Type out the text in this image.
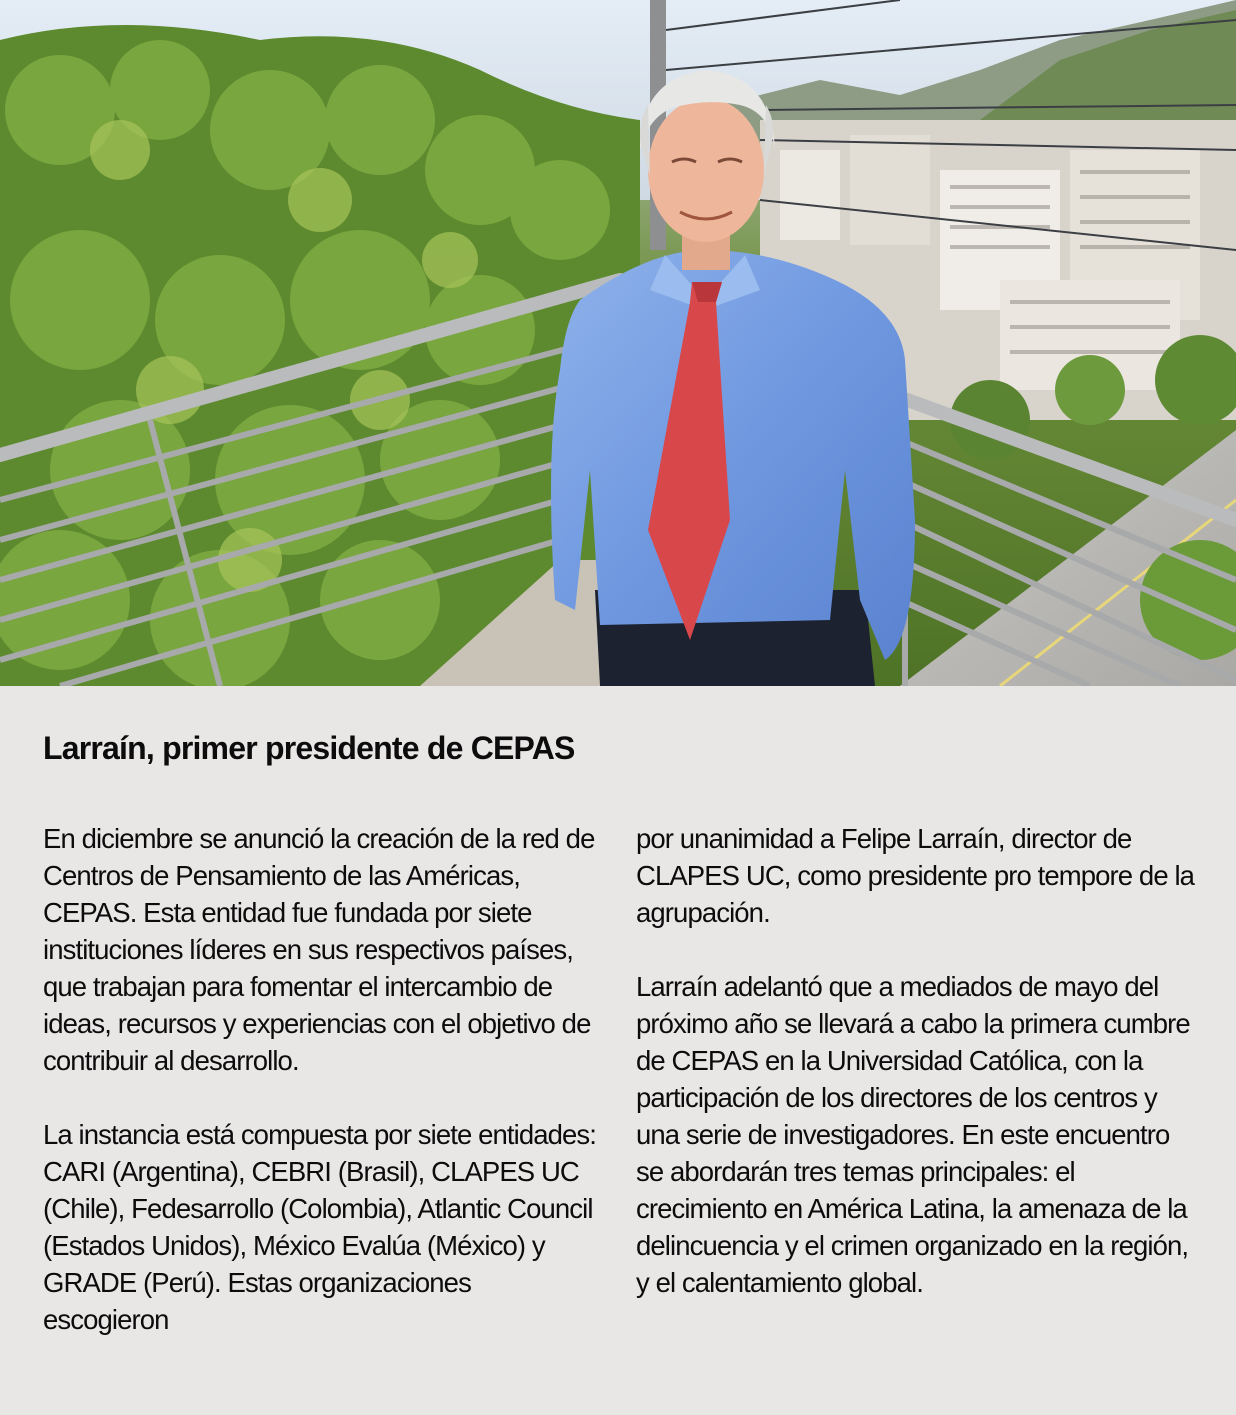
Larraín, primer presidente de CEPAS

En diciembre se anunció la creación de la red de Centros de Pensamiento de las Américas, CEPAS. Esta entidad fue fundada por siete instituciones líderes en sus respectivos países, que trabajan para fomentar el intercambio de ideas, recursos y experiencias con el objetivo de contribuir al desarrollo.

La instancia está compuesta por siete entidades: CARI (Argentina), CEBRI (Brasil), CLAPES UC (Chile), Fedesarrollo (Colombia), Atlantic Council (Estados Unidos), México Evalúa (México) y GRADE (Perú). Estas organizaciones escogieron

por unanimidad a Felipe Larraín, director de CLAPES UC, como presidente pro tempore de la agrupación.

Larraín adelantó que a mediados de mayo del próximo año se llevará a cabo la primera cumbre de CEPAS en la Universidad Católica, con la participación de los directores de los centros y una serie de investigadores. En este encuentro se abordarán tres temas principales: el crecimiento en América Latina, la amenaza de la delincuencia y el crimen organizado en la región, y el calentamiento global.
